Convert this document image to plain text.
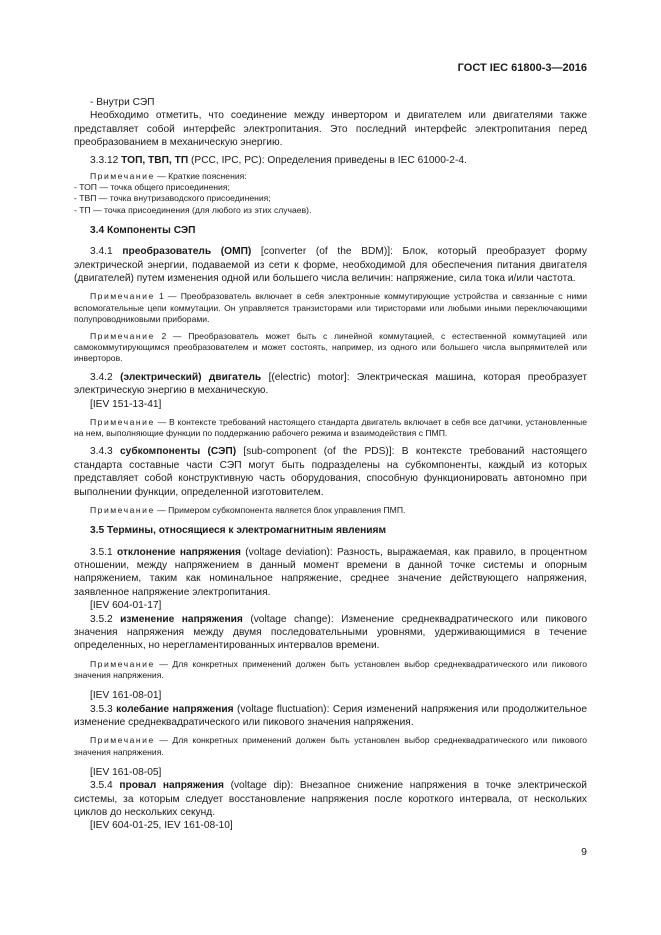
ГОСТ IEC 61800-3—2016

- Внутри СЭП

Необходимо отметить, что соединение между инвертором и двигателем или двигателями также представляет собой интерфейс электропитания. Это последний интерфейс электропитания перед преобразованием в механическую энергию.

3.3.12 ТОП, ТВП, ТП (PCC, IPC, PC): Определения приведены в IEC 61000-2-4.

Примечание — Краткие пояснения:

- ТОП — точка общего присоединения;

- ТВП — точка внутризаводского присоединения;

- ТП — точка присоединения (для любого из этих случаев).

3.4 Компоненты СЭП

3.4.1 преобразователь (ОМП) [converter (of the BDM)]: Блок, который преобразует форму электрической энергии, подаваемой из сети к форме, необходимой для обеспечения питания двигателя (двигателей) путем изменения одной или большего числа величин: напряжение, сила тока и/или частота.

Примечание 1 — Преобразователь включает в себя электронные коммутирующие устройства и связанные с ними вспомогательные цепи коммутации. Он управляется транзисторами или тиристорами или любыми иными переключающими полупроводниковыми приборами.

Примечание 2 — Преобразователь может быть с линейной коммутацией, с естественной коммутацией или самокоммутирующимся преобразователем и может состоять, например, из одного или большего числа выпрямителей или инверторов.

3.4.2 (электрический) двигатель [(electric) motor]: Электрическая машина, которая преобразует электрическую энергию в механическую.

[IEV 151-13-41]

Примечание — В контексте требований настоящего стандарта двигатель включает в себя все датчики, установленные на нем, выполняющие функции по поддержанию рабочего режима и взаимодействия с ПМП.

3.4.3 субкомпоненты (СЭП) [sub-component (of the PDS)]: В контексте требований настоящего стандарта составные части СЭП могут быть подразделены на субкомпоненты, каждый из которых представляет собой конструктивную часть оборудования, способную функционировать автономно при выполнении функции, определенной изготовителем.

Примечание — Примером субкомпонента является блок управления ПМП.

3.5 Термины, относящиеся к электромагнитным явлениям

3.5.1 отклонение напряжения (voltage deviation): Разность, выражаемая, как правило, в процентном отношении, между напряжением в данный момент времени в данной точке системы и опорным напряжением, таким как номинальное напряжение, среднее значение действующего напряжения, заявленное напряжение электропитания.

[IEV 604-01-17]

3.5.2 изменение напряжения (voltage change): Изменение среднеквадратического или пикового значения напряжения между двумя последовательными уровнями, удерживающимися в течение определенных, но нерегламентированных интервалов времени.

Примечание — Для конкретных применений должен быть установлен выбор среднеквадратического или пикового значения напряжения.

[IEV 161-08-01]

3.5.3 колебание напряжения (voltage fluctuation): Серия изменений напряжения или продолжительное изменение среднеквадратического или пикового значения напряжения.

Примечание — Для конкретных применений должен быть установлен выбор среднеквадратического или пикового значения напряжения.

[IEV 161-08-05]

3.5.4 провал напряжения (voltage dip): Внезапное снижение напряжения в точке электрической системы, за которым следует восстановление напряжения после короткого интервала, от нескольких циклов до нескольких секунд.

[IEV 604-01-25, IEV 161-08-10]

9
